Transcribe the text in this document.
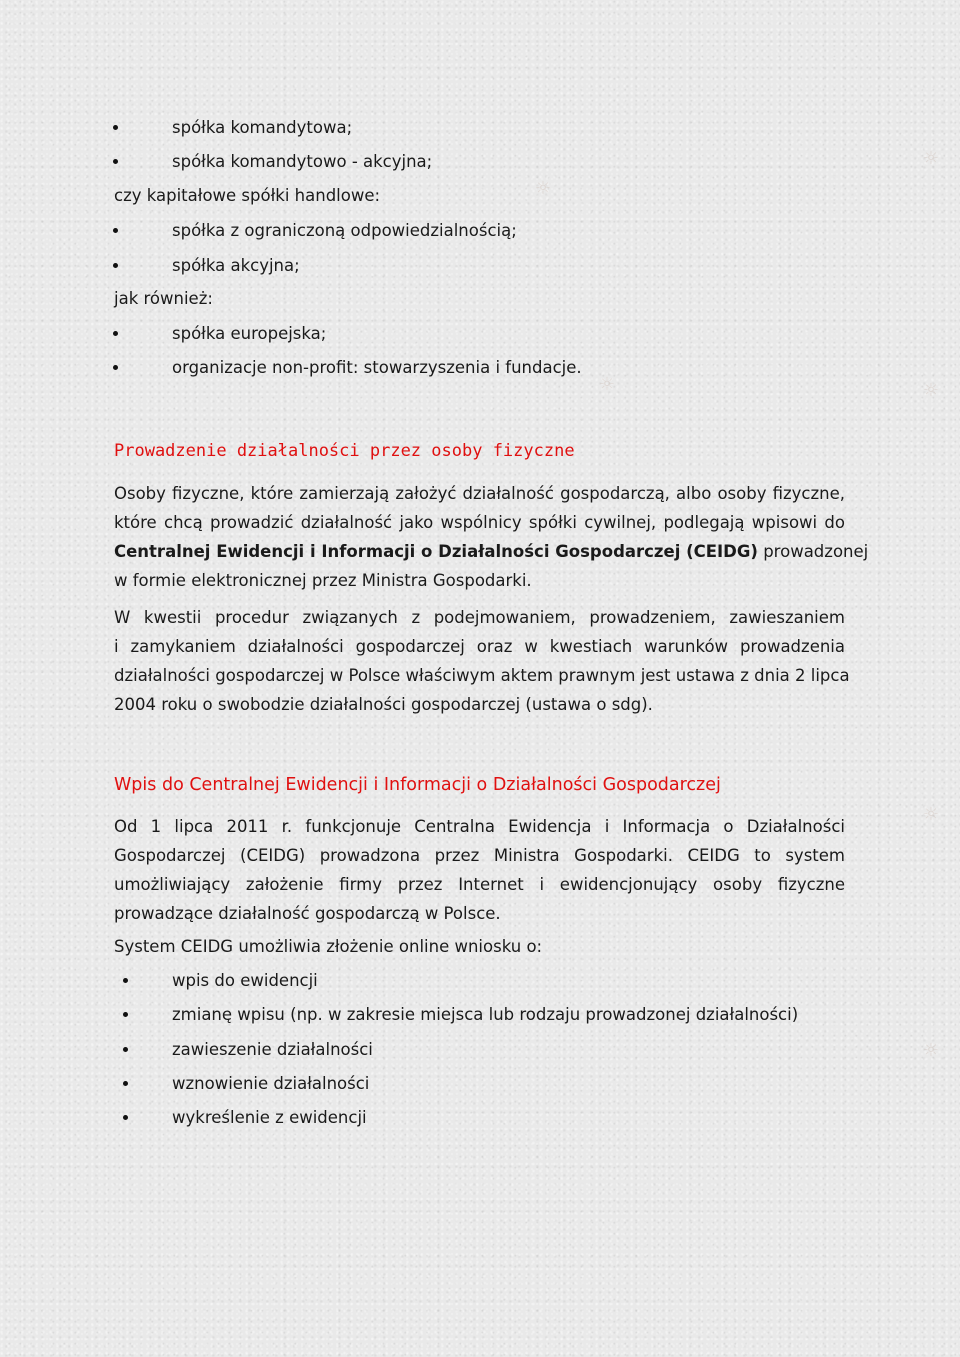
☼
☼
☼	☼
☼
☼
spółka komandytowa;
spółka komandytowo - akcyjna;
czy kapitałowe spółki handlowe:
spółka z ograniczoną odpowiedzialnością;
spółka akcyjna;
jak również:
spółka europejska;
organizacje non-profit: stowarzyszenia i fundacje.
Prowadzenie działalności przez osoby fizyczne
Osoby fizyczne, które zamierzają założyć działalność gospodarczą, albo osoby fizyczne,
które chcą prowadzić działalność jako wspólnicy spółki cywilnej, podlegają wpisowi do
Centralnej Ewidencji i Informacji o Działalności Gospodarczej (CEIDG) prowadzonej
w formie elektronicznej przez Ministra Gospodarki.
W kwestii procedur związanych z podejmowaniem, prowadzeniem, zawieszaniem
i zamykaniem działalności gospodarczej oraz w kwestiach warunków prowadzenia
działalności gospodarczej w Polsce właściwym aktem prawnym jest ustawa z dnia 2 lipca
2004 roku o swobodzie działalności gospodarczej (ustawa o sdg).
Wpis do Centralnej Ewidencji i Informacji o Działalności Gospodarczej
Od 1 lipca 2011 r. funkcjonuje Centralna Ewidencja i Informacja o Działalności
Gospodarczej (CEIDG) prowadzona przez Ministra Gospodarki. CEIDG to system
umożliwiający założenie firmy przez Internet i ewidencjonujący osoby fizyczne
prowadzące działalność gospodarczą w Polsce.
System CEIDG umożliwia złożenie online wniosku o:
wpis do ewidencji
zmianę wpisu (np. w zakresie miejsca lub rodzaju prowadzonej działalności)
zawieszenie działalności
wznowienie działalności
wykreślenie z ewidencji
